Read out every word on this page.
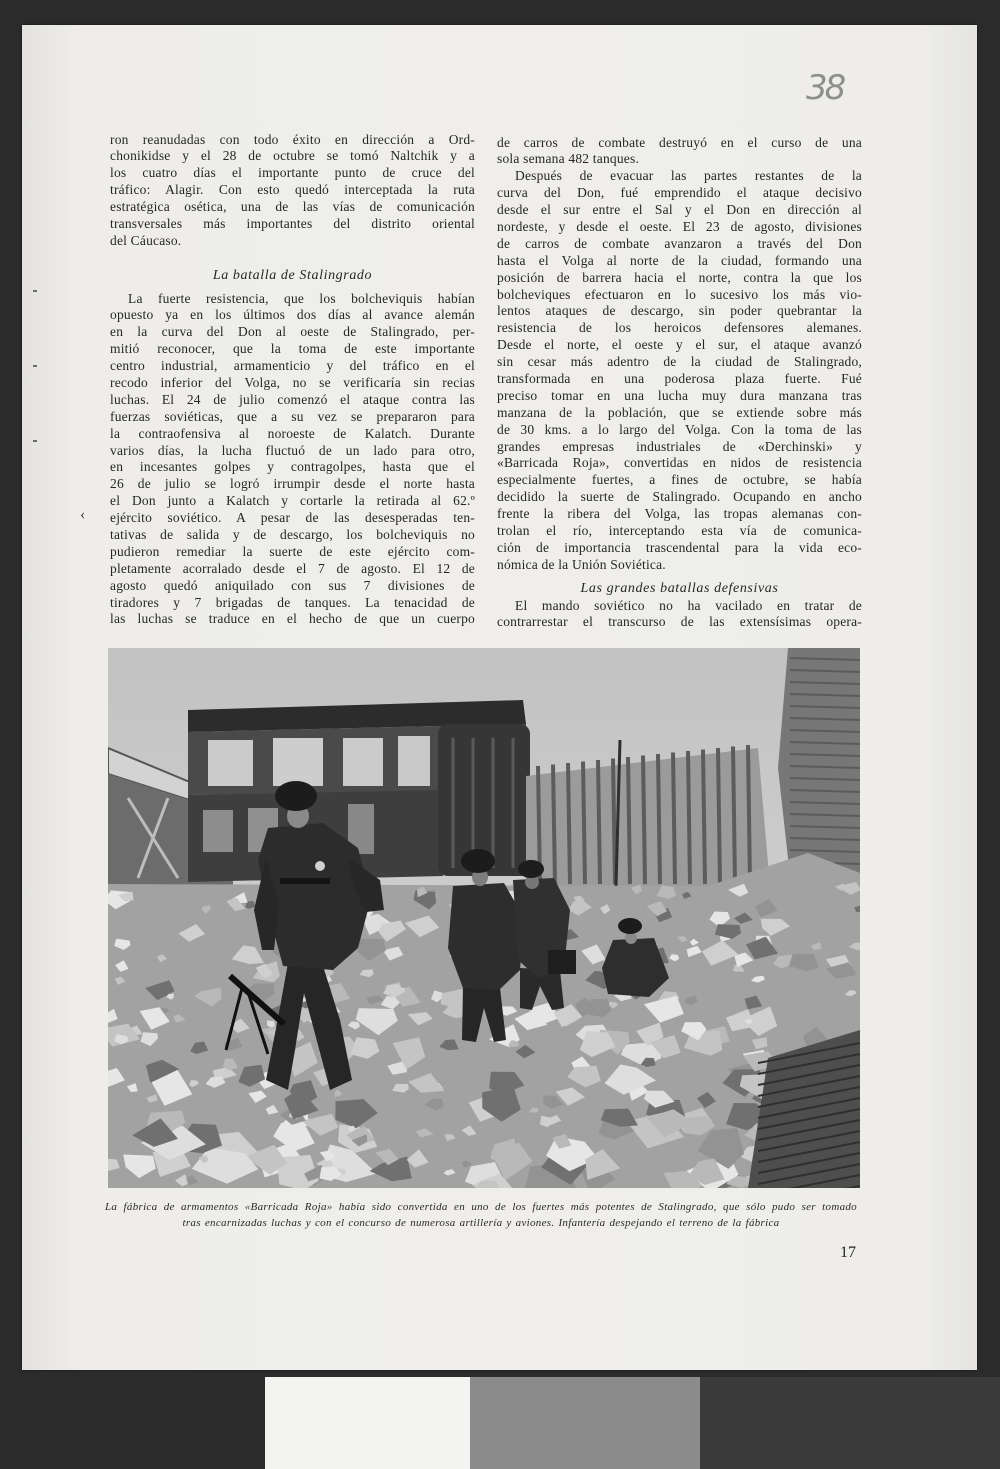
38
‹
ron reanudadas con todo éxito en dirección a Ord-
chonikidse y el 28 de octubre se tomó Naltchik y a
los cuatro días el importante punto de cruce del
tráfico: Alagir. Con esto quedó interceptada la ruta
estratégica osética, una de las vías de comunicación
transversales más importantes del distrito oriental
del Cáucaso.
La batalla de Stalingrado
La fuerte resistencia, que los bolcheviquis habían
opuesto ya en los últimos dos días al avance alemán
en la curva del Don al oeste de Stalingrado, per-
mitió reconocer, que la toma de este importante
centro industrial, armamenticio y del tráfico en el
recodo inferior del Volga, no se verificaría sin recias
luchas. El 24 de julio comenzó el ataque contra las
fuerzas soviéticas, que a su vez se prepararon para
la contraofensiva al noroeste de Kalatch. Durante
varios días, la lucha fluctuó de un lado para otro,
en incesantes golpes y contragolpes, hasta que el
26 de julio se logró irrumpir desde el norte hasta
el Don junto a Kalatch y cortarle la retirada al 62.º
ejército soviético. A pesar de las desesperadas ten-
tativas de salida y de descargo, los bolcheviquis no
pudieron remediar la suerte de este ejército com-
pletamente acorralado desde el 7 de agosto. El 12 de
agosto quedó aniquilado con sus 7 divisiones de
tiradores y 7 brigadas de tanques. La tenacidad de
las luchas se traduce en el hecho de que un cuerpo
de carros de combate destruyó en el curso de una
sola semana 482 tanques.
Después de evacuar las partes restantes de la
curva del Don, fué emprendido el ataque decisivo
desde el sur entre el Sal y el Don en dirección al
nordeste, y desde el oeste. El 23 de agosto, divisiones
de carros de combate avanzaron a través del Don
hasta el Volga al norte de la ciudad, formando una
posición de barrera hacia el norte, contra la que los
bolcheviques efectuaron en lo sucesivo los más vio-
lentos ataques de descargo, sin poder quebrantar la
resistencia de los heroicos defensores alemanes.
Desde el norte, el oeste y el sur, el ataque avanzó
sin cesar más adentro de la ciudad de Stalingrado,
transformada en una poderosa plaza fuerte. Fué
preciso tomar en una lucha muy dura manzana tras
manzana de la población, que se extiende sobre más
de 30 kms. a lo largo del Volga. Con la toma de las
grandes empresas industriales de «Derchinski» y
«Barricada Roja», convertidas en nidos de resistencia
especialmente fuertes, a fines de octubre, se había
decidido la suerte de Stalingrado. Ocupando en ancho
frente la ribera del Volga, las tropas alemanas con-
trolan el río, interceptando esta vía de comunica-
ción de importancia trascendental para la vida eco-
nómica de la Unión Soviética.
Las grandes batallas defensivas
El mando soviético no ha vacilado en tratar de
contrarrestar el transcurso de las extensísimas opera-
La fábrica de armamentos «Barricada Roja» había sido convertida en uno de los fuertes más potentes de Stalingrado, que sólo pudo ser tomado
tras encarnizadas luchas y con el concurso de numerosa artillería y aviones. Infantería despejando el terreno de la fábrica
17
